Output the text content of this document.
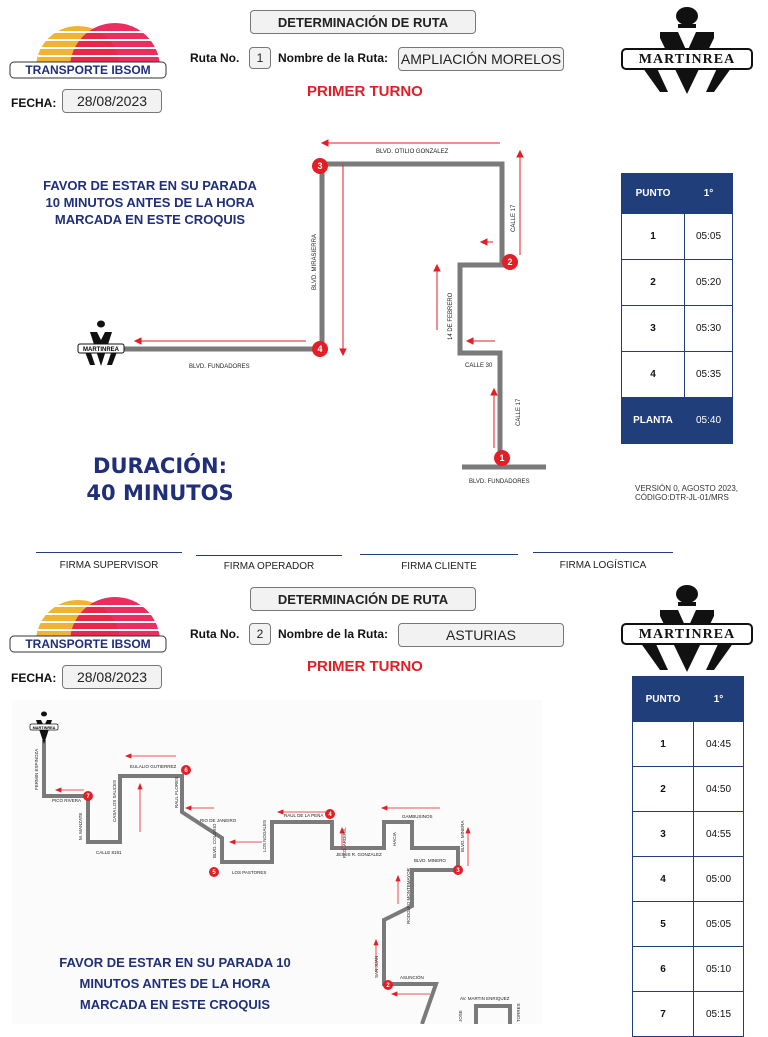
TRANSPORTE IBSOM
DETERMINACIÓN DE RUTA
Ruta No.	1	Nombre de la Ruta: AMPLIACIÓN MORELOS
FECHA:	28/08/2023
PRIMER TURNO
MARTINREA
FAVOR DE ESTAR EN SU PARADA
10 MINUTOS ANTES DE LA HORA
MARCADA EN ESTE CROQUIS
BLVD. OTILIO GONZALEZ
CALLE 17
BLVD. MIRASIERRA
14 DE FEBRERO
CALLE 30
CALLE 17
BLVD. FUNDADORES
BLVD. FUNDADORES
MARTINREA
1
2
3
4
PUNTO	1°
1	05:05
2	05:20
3	05:30
4	05:35
PLANTA	05:40
DURACIÓN:
40 MINUTOS	VERSIÓN 0, AGOSTO 2023,
CÓDIGO:DTR-JL-01/MRS
FIRMA SUPERVISOR	FIRMA OPERADOR	FIRMA CLIENTE	FIRMA LOGÍSTICA
TRANSPORTE IBSOM
DETERMINACIÓN DE RUTA
Ruta No.	2	Nombre de la Ruta:	ASTURIAS
FECHA:	28/08/2023
PRIMER TURNO
MARTINREA
FERMIN ESPINOZA
PICO RIVERA
M. MANZATE
CALLE 8191
CASA LOS SAUCES
EULALIO GUTIERREZ
RAUL FLORES
RIO DE JANEIRO
BLVD. COLOSIO
LOS PASTORES
LOS NOGALES
RAUL DE LA PEÑA
FCO. ARDIFEL
JESUS R. GONZALEZ
GAMBUSINOS
HACIA
BLVD. MINERO
BLVD. MINERA
RODOLFO MONTEMAYOR
SAN JUAN	ASUNCIÓN
AV. MARTIN ENRIQUEZ
JOSE	TORRES
MARTINREA
2
3
4
5
6
7
FAVOR DE ESTAR EN SU PARADA 10
MINUTOS ANTES DE LA HORA
MARCADA EN ESTE CROQUIS
PUNTO	1°
1	04:45
2	04:50
3	04:55
4	05:00
5	05:05
6	05:10
7	05:15
